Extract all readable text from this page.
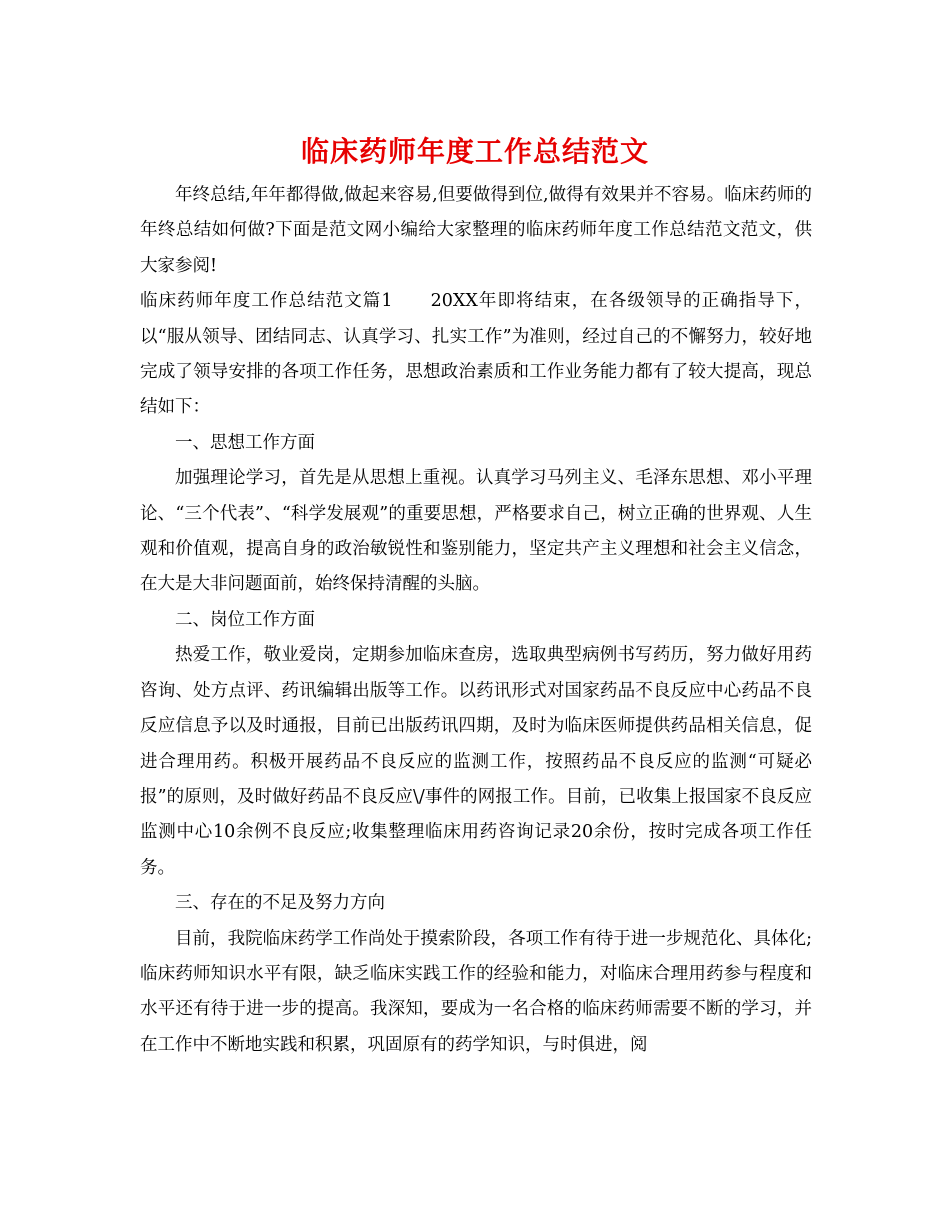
临床药师年度工作总结范文

年终总结,年年都得做,做起来容易,但要做得到位,做得有效果并不容易。临床药师的年终总结如何做?下面是范文网小编给大家整理的临床药师年度工作总结范文范文，供大家参阅!

临床药师年度工作总结范文篇1　　20XX年即将结束，在各级领导的正确指导下，以“服从领导、团结同志、认真学习、扎实工作”为准则，经过自己的不懈努力，较好地完成了领导安排的各项工作任务，思想政治素质和工作业务能力都有了较大提高，现总结如下：

一、思想工作方面

加强理论学习，首先是从思想上重视。认真学习马列主义、毛泽东思想、邓小平理论、“三个代表”、“科学发展观”的重要思想，严格要求自己，树立正确的世界观、人生观和价值观，提高自身的政治敏锐性和鉴别能力，坚定共产主义理想和社会主义信念，在大是大非问题面前，始终保持清醒的头脑。

二、岗位工作方面

热爱工作，敬业爱岗，定期参加临床查房，选取典型病例书写药历，努力做好用药咨询、处方点评、药讯编辑出版等工作。以药讯形式对国家药品不良反应中心药品不良反应信息予以及时通报，目前已出版药讯四期，及时为临床医师提供药品相关信息，促进合理用药。积极开展药品不良反应的监测工作，按照药品不良反应的监测“可疑必报”的原则，及时做好药品不良反应\/事件的网报工作。目前，已收集上报国家不良反应监测中心10余例不良反应;收集整理临床用药咨询记录20余份，按时完成各项工作任务。

三、存在的不足及努力方向

目前，我院临床药学工作尚处于摸索阶段，各项工作有待于进一步规范化、具体化;临床药师知识水平有限，缺乏临床实践工作的经验和能力，对临床合理用药参与程度和水平还有待于进一步的提高。我深知，要成为一名合格的临床药师需要不断的学习，并在工作中不断地实践和积累，巩固原有的药学知识，与时俱进，阅
